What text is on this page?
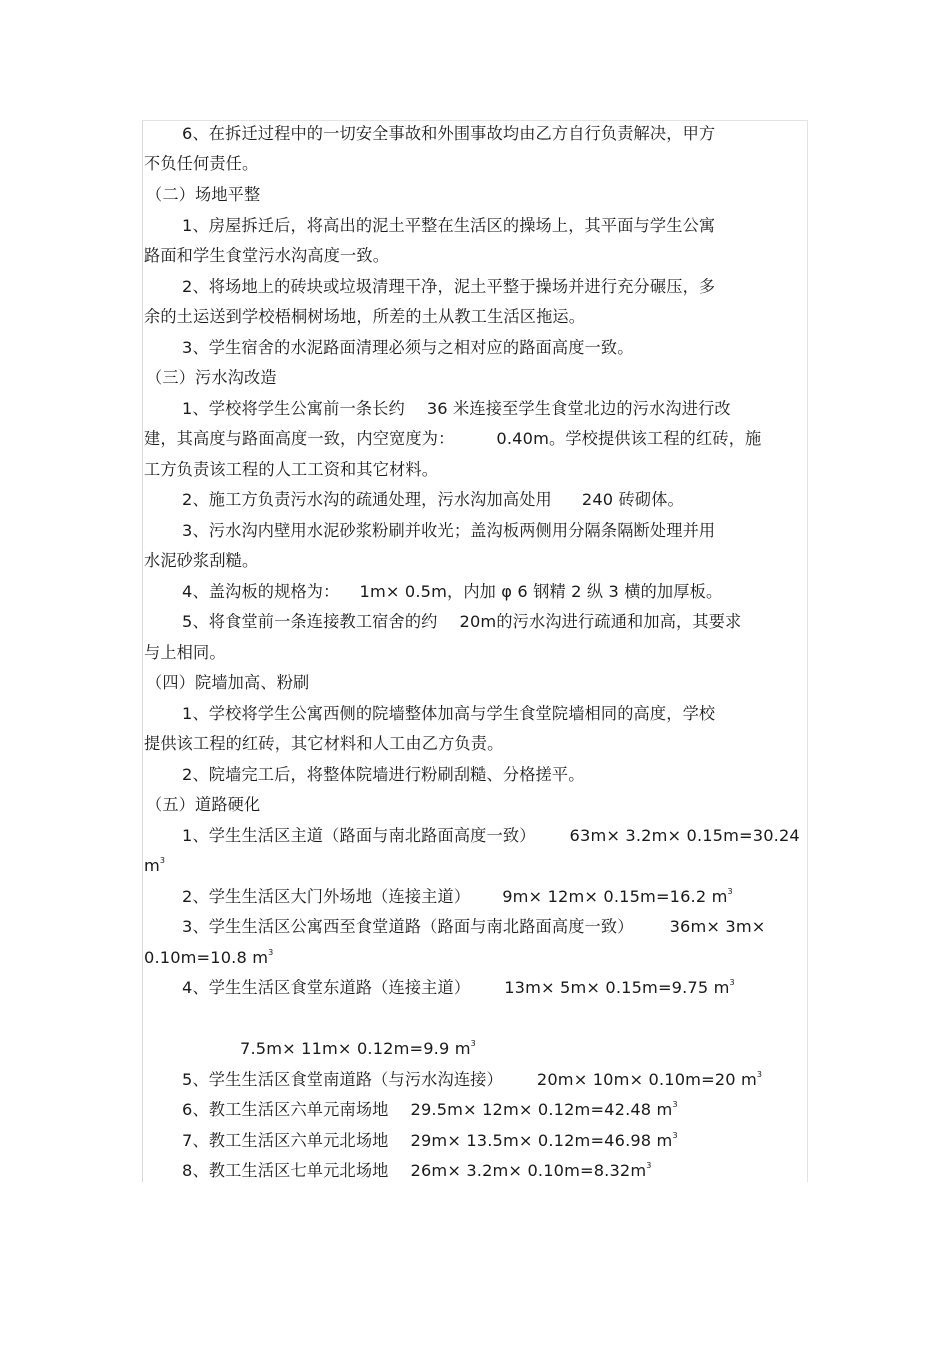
6、在拆迁过程中的一切安全事故和外围事故均由乙方自行负责解决，甲方
不负任何责任。
（二）场地平整
1、房屋拆迁后，将高出的泥土平整在生活区的操场上，其平面与学生公寓
路面和学生食堂污水沟高度一致。
2、将场地上的砖块或垃圾清理干净，泥土平整于操场并进行充分碾压，多
余的土运送到学校梧桐树场地，所差的土从教工生活区拖运。
3、学生宿舍的水泥路面清理必须与之相对应的路面高度一致。
（三）污水沟改造
1、学校将学生公寓前一条长约 36 米连接至学生食堂北边的污水沟进行改
建，其高度与路面高度一致，内空宽度为：	0.40m。学校提供该工程的红砖，施
工方负责该工程的人工工资和其它材料。
2、施工方负责污水沟的疏通处理，污水沟加高处用 240 砖砌体。
3、污水沟内壁用水泥砂浆粉刷并收光；盖沟板两侧用分隔条隔断处理并用
水泥砂浆刮糙。
4、盖沟板的规格为： 1m× 0.5m，内加 φ 6 钢精 2 纵 3 横的加厚板。
5、将食堂前一条连接教工宿舍的约 20m的污水沟进行疏通和加高，其要求
与上相同。
（四）院墙加高、粉刷
1、学校将学生公寓西侧的院墙整体加高与学生食堂院墙相同的高度，学校
提供该工程的红砖，其它材料和人工由乙方负责。
2、院墙完工后，将整体院墙进行粉刷刮糙、分格搓平。
（五）道路硬化
1、学生生活区主道（路面与南北路面高度一致） 63m× 3.2m× 0.15m=30.24
$m^3$
2、学生生活区大门外场地（连接主道） 9m× 12m× 0.15m=16.2 $m^3$
3、学生生活区公寓西至食堂道路（路面与南北路面高度一致） 36m× 3m×
0.10m=10.8 $m^3$
4、学生生活区食堂东道路（连接主道） 13m× 5m× 0.15m=9.75 $m^3$
7.5m× 11m× 0.12m=9.9 $m^3$
5、学生生活区食堂南道路（与污水沟连接） 20m× 10m× 0.10m=20 $m^3$
6、教工生活区六单元南场地 29.5m× 12m× 0.12m=42.48 $m^3$
7、教工生活区六单元北场地 29m× 13.5m× 0.12m=46.98 $m^3$
8、教工生活区七单元北场地 $26m\times 3.2m\times 0.10m=8.32m^3$
